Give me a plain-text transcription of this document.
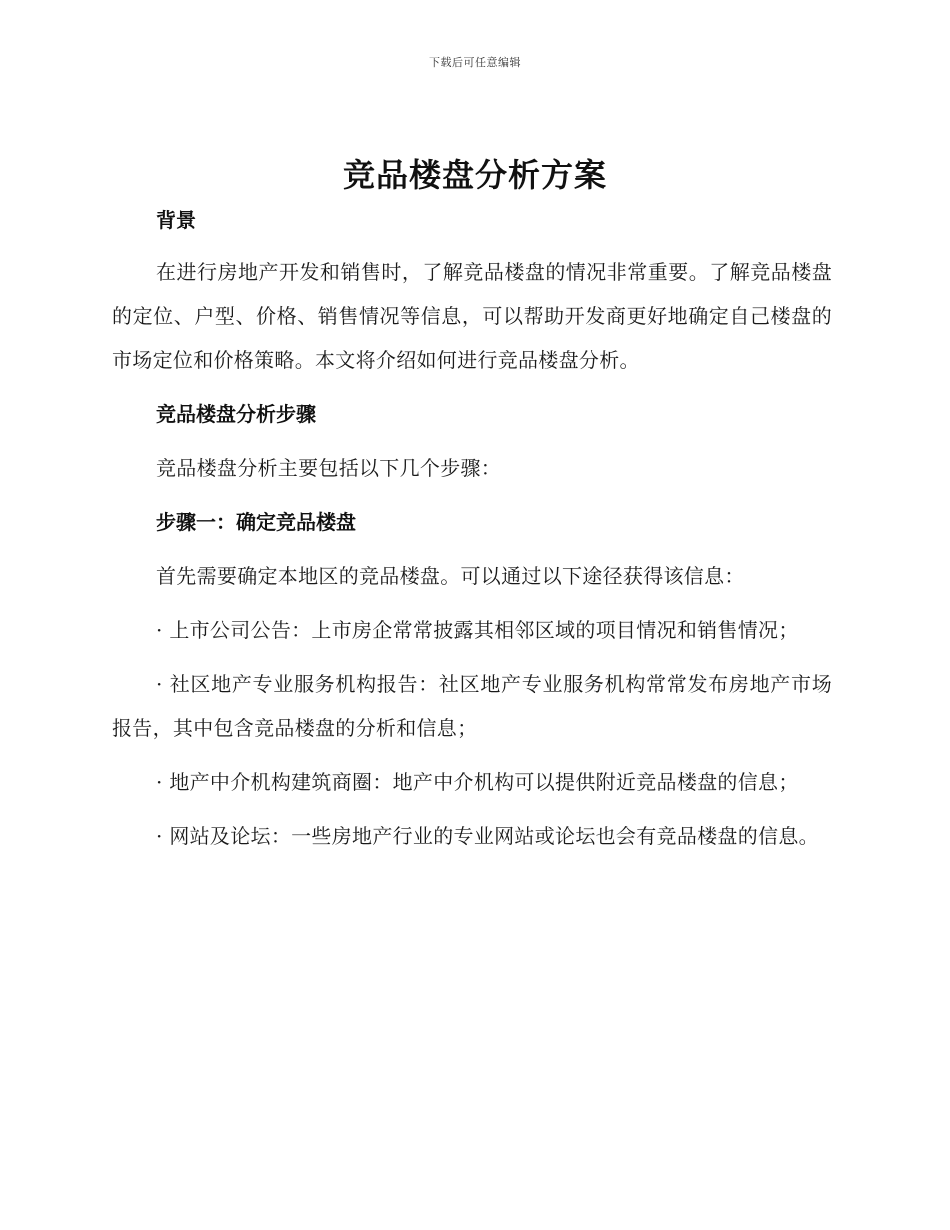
下载后可任意编辑
竞品楼盘分析方案

背景

在进行房地产开发和销售时，了解竞品楼盘的情况非常重要。了解竞品楼盘的定位、户型、价格、销售情况等信息，可以帮助开发商更好地确定自己楼盘的市场定位和价格策略。本文将介绍如何进行竞品楼盘分析。

竞品楼盘分析步骤

竞品楼盘分析主要包括以下几个步骤：

步骤一：确定竞品楼盘

首先需要确定本地区的竞品楼盘。可以通过以下途径获得该信息：

· 上市公司公告：上市房企常常披露其相邻区域的项目情况和销售情况；

· 社区地产专业服务机构报告：社区地产专业服务机构常常发布房地产市场报告，其中包含竞品楼盘的分析和信息；

· 地产中介机构建筑商圈：地产中介机构可以提供附近竞品楼盘的信息；

· 网站及论坛：一些房地产行业的专业网站或论坛也会有竞品楼盘的信息。
